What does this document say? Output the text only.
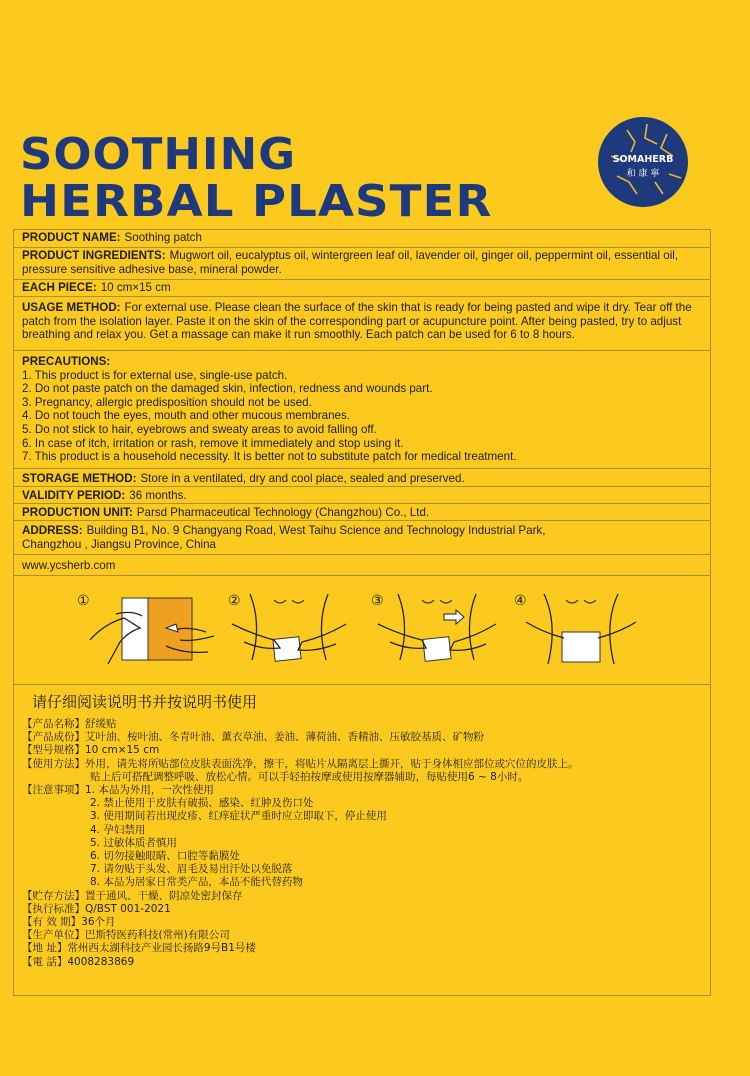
SOOTHING
HERBAL PLASTER
SOMAHERB
和 康 寧
PRODUCT NAME: Soothing patch
PRODUCT INGREDIENTS: Mugwort oil, eucalyptus oil, wintergreen leaf oil, lavender oil, ginger oil, peppermint oil, essential oil, pressure sensitive adhesive base, mineral powder.
EACH PIECE: 10 cm×15 cm
USAGE METHOD: For external use. Please clean the surface of the skin that is ready for being pasted and wipe it dry. Tear off the patch from the isolation layer. Paste it on the skin of the corresponding part or acupuncture point. After being pasted, try to adjust breathing and relax you. Get a massage can make it run smoothly. Each patch can be used for 6 to 8 hours.
PRECAUTIONS:
1. This product is for external use, single-use patch.
2. Do not paste patch on the damaged skin, infection, redness and wounds part.
3. Pregnancy, allergic predisposition should not be used.
4. Do not touch the eyes, mouth and other mucous membranes.
5. Do not stick to hair, eyebrows and sweaty areas to avoid falling off.
6. In case of itch, irritation or rash, remove it immediately and stop using it.
7. This product is a household necessity. It is better not to substitute patch for medical treatment.
STORAGE METHOD: Store in a ventilated, dry and cool place, sealed and preserved.
VALIDITY PERIOD: 36 months.
PRODUCTION UNIT: Parsd Pharmaceutical Technology (Changzhou) Co., Ltd.
ADDRESS: Building B1, No. 9 Changyang Road, West Taihu Science and Technology Industrial Park,
Changzhou , Jiangsu Province, China
www.ycsherb.com
①	②	③	④
请仔细阅读说明书并按说明书使用
【产品名称】舒缓贴
【产品成份】艾叶油、桉叶油、冬青叶油、薰衣草油、姜油、薄荷油、香精油、压敏胶基质、矿物粉
【型号规格】10 cm×15 cm
【使用方法】外用，请先将所贴部位皮肤表面洗净，擦干，将贴片从隔离层上撕开，贴于身体相应部位或穴位的皮肤上。
贴上后可搭配调整呼吸、放松心情。可以手轻拍按摩或使用按摩器辅助，每贴使用6 ~ 8小时。
【注意事项】1. 本品为外用，一次性使用
2. 禁止使用于皮肤有破损、感染、红肿及伤口处
3. 使用期间若出现皮疹、红痒症状严重时应立即取下，停止使用
4. 孕妇禁用
5. 过敏体质者慎用
6. 切勿接触眼睛、口腔等黏膜处
7. 请勿贴于头发、眉毛及易出汗处以免脱落
8. 本品为居家日常类产品，本品不能代替药物
【贮存方法】置于通风、干燥、阴凉处密封保存
【执行标准】Q/BST 001-2021
【有 效 期】36个月
【生产单位】巴斯特医药科技(常州)有限公司
【地 址】常州西太湖科技产业园长扬路9号B1号楼
【電 話】4008283869
